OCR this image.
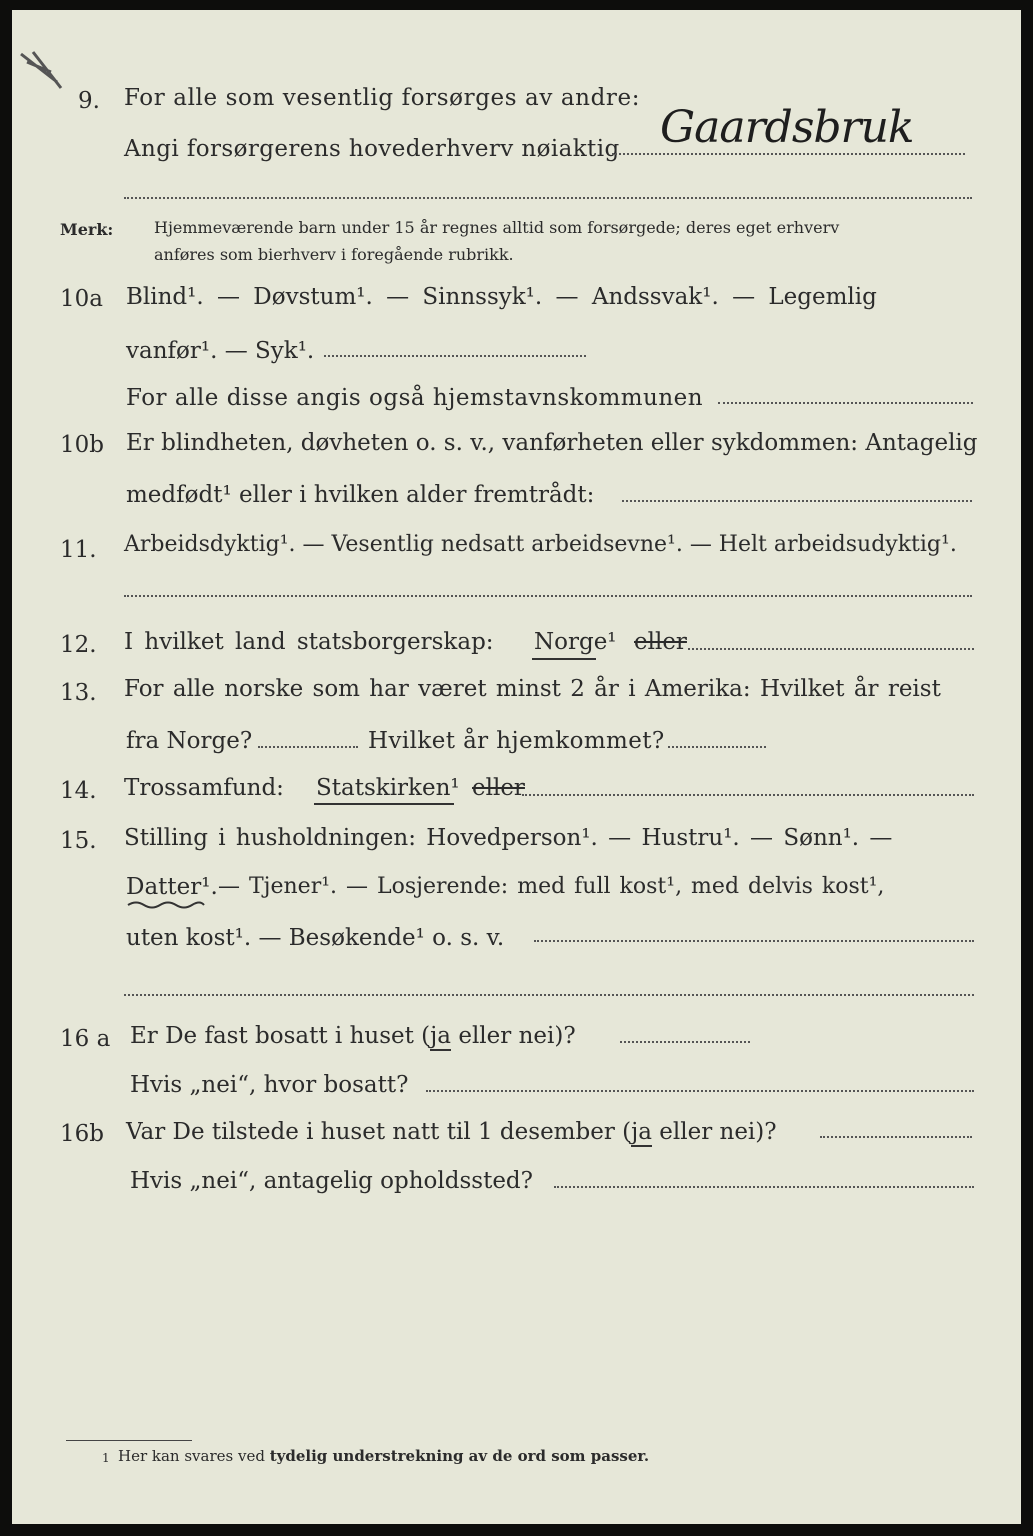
9. For alle som vesentlig forsørges av andre:
Angi forsørgerens hovederhverv nøiaktig Gaardsbruk
Merk:	Hjemmeværende barn under 15 år regnes alltid som forsørgede; deres eget erhverv
anføres som bierhverv i foregående rubrikk.
10a Blind¹. — Døvstum¹. — Sinnssyk¹. — Andssvak¹. — Legemlig
vanfør¹. — Syk¹.
For alle disse angis også hjemstavnskommunen
10b Er blindheten, døvheten o. s. v., vanførheten eller sykdommen: Antagelig
medfødt¹ eller i hvilken alder fremtrådt:
11. Arbeidsdyktig¹. — Vesentlig nedsatt arbeidsevne¹. — Helt arbeidsudyktig¹.
12. I hvilket land statsborgerskap: Norge¹ eller
13. For alle norske som har været minst 2 år i Amerika: Hvilket år reist
fra Norge?	Hvilket år hjemkommet?
14. Trossamfund: Statskirken¹ eller
15. Stilling i husholdningen: Hovedperson¹. — Hustru¹. — Sønn¹. —
Datter¹. — Tjener¹. — Losjerende: med full kost¹, med delvis kost¹,
uten kost¹. — Besøkende¹ o. s. v.
16 a Er De fast bosatt i huset (ja eller nei)?
Hvis „nei“, hvor bosatt?
16b Var De tilstede i huset natt til 1 desember (ja eller nei)?
Hvis „nei“, antagelig opholdssted?
1 Her kan svares ved tydelig understrekning av de ord som passer.
